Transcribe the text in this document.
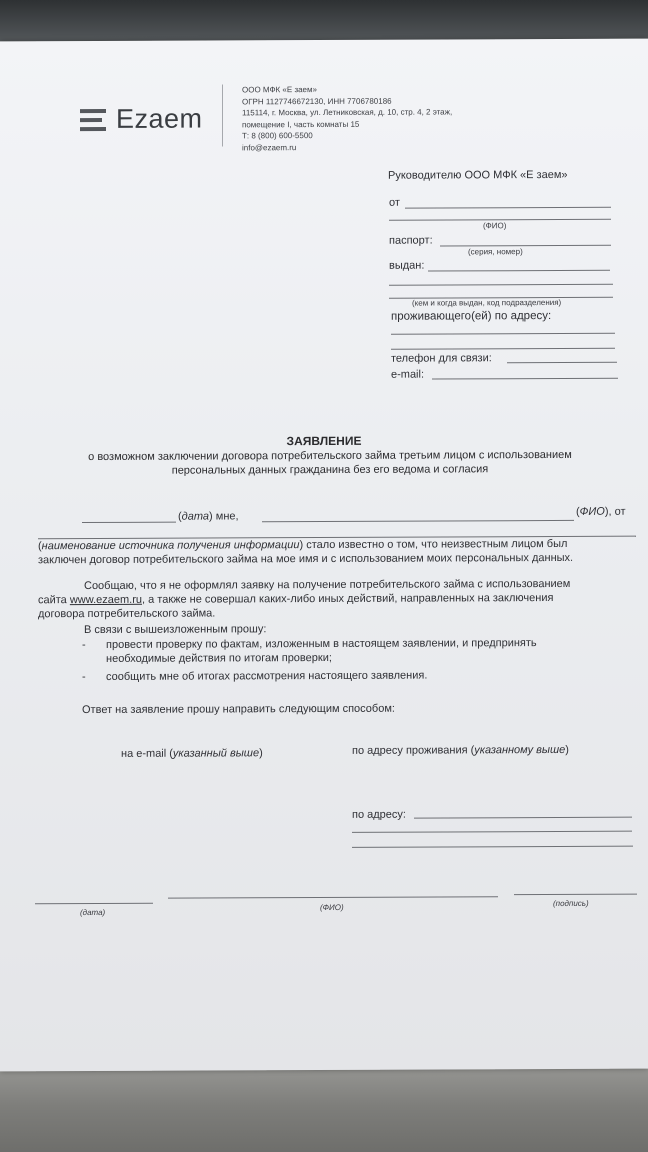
Ezaem
ООО МФК «Е заем»
ОГРН 1127746672130, ИНН 7706780186
115114, г. Москва, ул. Летниковская, д. 10, стр. 4, 2 этаж,
помещение I, часть комнаты 15
Т: 8 (800) 600-5500
info@ezaem.ru
Руководителю ООО МФК «Е заем»
от
(ФИО)
паспорт:
(серия, номер)
выдан:
(кем и когда выдан, код подразделения)
проживающего(ей) по адресу:
телефон для связи:
e-mail:
ЗАЯВЛЕНИЕ
о возможном заключении договора потребительского займа третьим лицом с использованием
персональных данных гражданина без его ведома и согласия
(дата) мне,	(ФИО), от
(наименование источника получения информации) стало известно о том, что неизвестным лицом был
заключен договор потребительского займа на мое имя и с использованием моих персональных данных.
Сообщаю, что я не оформлял заявку на получение потребительского займа с использованием
сайта www.ezaem.ru, а также не совершал каких-либо иных действий, направленных на заключения
договора потребительского займа.
В связи с вышеизложенным прошу:
-	провести проверку по фактам, изложенным в настоящем заявлении, и предпринять
необходимые действия по итогам проверки;
-	сообщить мне об итогах рассмотрения настоящего заявления.
Ответ на заявление прошу направить следующим способом:
на e-mail (указанный выше)	по адресу проживания (указанному выше)
по адресу:
(дата)
(ФИО)	(подпись)
